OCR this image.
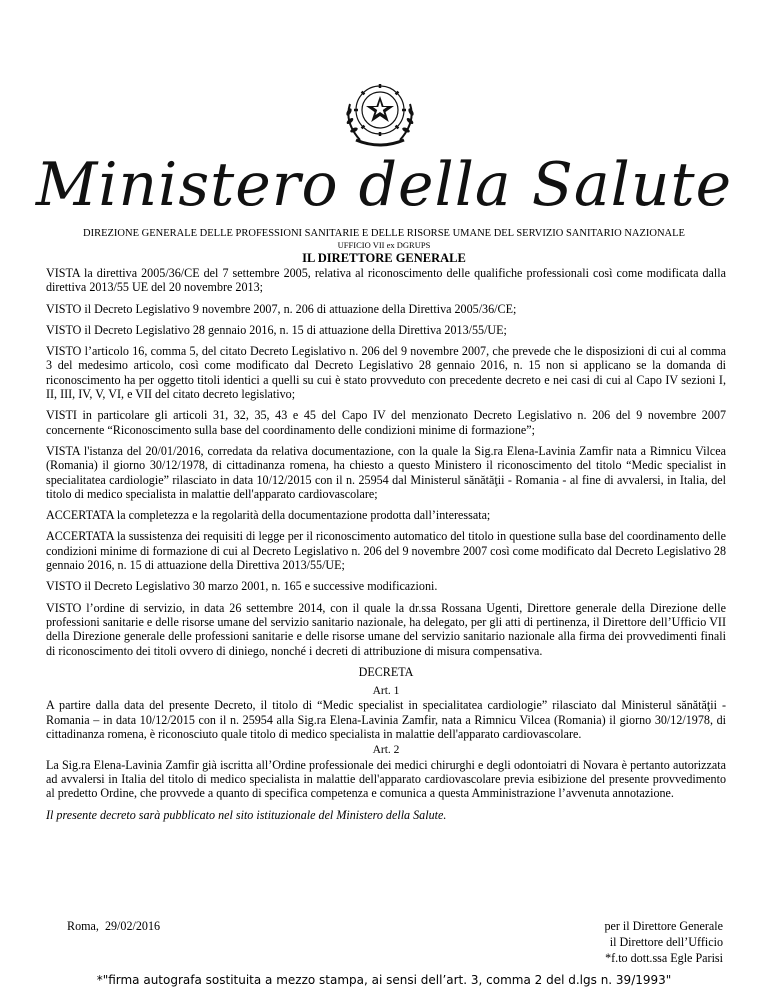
Ministero della Salute
DIREZIONE GENERALE DELLE PROFESSIONI SANITARIE E DELLE RISORSE UMANE DEL SERVIZIO SANITARIO NAZIONALE
UFFICIO VII ex DGRUPS
IL DIRETTORE GENERALE

VISTA la direttiva 2005/36/CE del 7 settembre 2005, relativa al riconoscimento delle qualifiche professionali così come modificata dalla direttiva 2013/55 UE del 20 novembre 2013;

VISTO il Decreto Legislativo 9 novembre 2007, n. 206 di attuazione della Direttiva 2005/36/CE;

VISTO il Decreto Legislativo 28 gennaio 2016, n. 15 di attuazione della Direttiva 2013/55/UE;

VISTO l’articolo 16, comma 5, del citato Decreto Legislativo n. 206 del 9 novembre 2007, che prevede che le disposizioni di cui al comma 3 del medesimo articolo, così come modificato dal Decreto Legislativo 28 gennaio 2016, n. 15 non si applicano se la domanda di riconoscimento ha per oggetto titoli identici a quelli su cui è stato provveduto con precedente decreto e nei casi di cui al Capo IV sezioni I, II, III, IV, V, VI, e VII del citato decreto legislativo;

VISTI in particolare gli articoli 31, 32, 35, 43 e 45 del Capo IV del menzionato Decreto Legislativo n. 206 del 9 novembre 2007 concernente “Riconoscimento sulla base del coordinamento delle condizioni minime di formazione”;

VISTA l'istanza del 20/01/2016, corredata da relativa documentazione, con la quale la Sig.ra Elena-Lavinia Zamfir nata a Rimnicu Vilcea (Romania) il giorno 30/12/1978, di cittadinanza romena, ha chiesto a questo Ministero il riconoscimento del titolo “Medic specialist in specialitatea cardiologie” rilasciato in data 10/12/2015 con il n. 25954 dal Ministerul sănătăţii - Romania - al fine di avvalersi, in Italia, del titolo di medico specialista in malattie dell'apparato cardiovascolare;

ACCERTATA la completezza e la regolarità della documentazione prodotta dall’interessata;

ACCERTATA la sussistenza dei requisiti di legge per il riconoscimento automatico del titolo in questione sulla base del coordinamento delle condizioni minime di formazione di cui al Decreto Legislativo n. 206 del 9 novembre 2007 così come modificato dal Decreto Legislativo 28 gennaio 2016, n. 15 di attuazione della Direttiva 2013/55/UE;

VISTO il Decreto Legislativo 30 marzo 2001, n. 165 e successive modificazioni.

VISTO l’ordine di servizio, in data 26 settembre 2014, con il quale la dr.ssa Rossana Ugenti, Direttore generale della Direzione delle professioni sanitarie e delle risorse umane del servizio sanitario nazionale, ha delegato, per gli atti di pertinenza, il Direttore dell’Ufficio VII della Direzione generale delle professioni sanitarie e delle risorse umane del servizio sanitario nazionale alla firma dei provvedimenti finali di riconoscimento dei titoli ovvero di diniego, nonché i decreti di attribuzione di misura compensativa.

DECRETA

Art. 1

A partire dalla data del presente Decreto, il titolo di “Medic specialist in specialitatea cardiologie” rilasciato dal Ministerul sănătăţii - Romania – in data 10/12/2015 con il n. 25954 alla Sig.ra Elena-Lavinia Zamfir, nata a Rimnicu Vilcea (Romania) il giorno 30/12/1978, di cittadinanza romena, è riconosciuto quale titolo di medico specialista in malattie dell'apparato cardiovascolare.

Art. 2

La Sig.ra Elena-Lavinia Zamfir già iscritta all’Ordine professionale dei medici chirurghi e degli odontoiatri di Novara è pertanto autorizzata ad avvalersi in Italia del titolo di medico specialista in malattie dell'apparato cardiovascolare previa esibizione del presente provvedimento al predetto Ordine, che provvede a quanto di specifica competenza e comunica a questa Amministrazione l’avvenuta annotazione.

Il presente decreto sarà pubblicato nel sito istituzionale del Ministero della Salute.

Roma,  29/02/2016	per il Direttore Generale
il Direttore dell’Ufficio
*f.to dott.ssa Egle Parisi
*"firma autografa sostituita a mezzo stampa, ai sensi dell’art. 3, comma 2 del d.lgs n. 39/1993"
